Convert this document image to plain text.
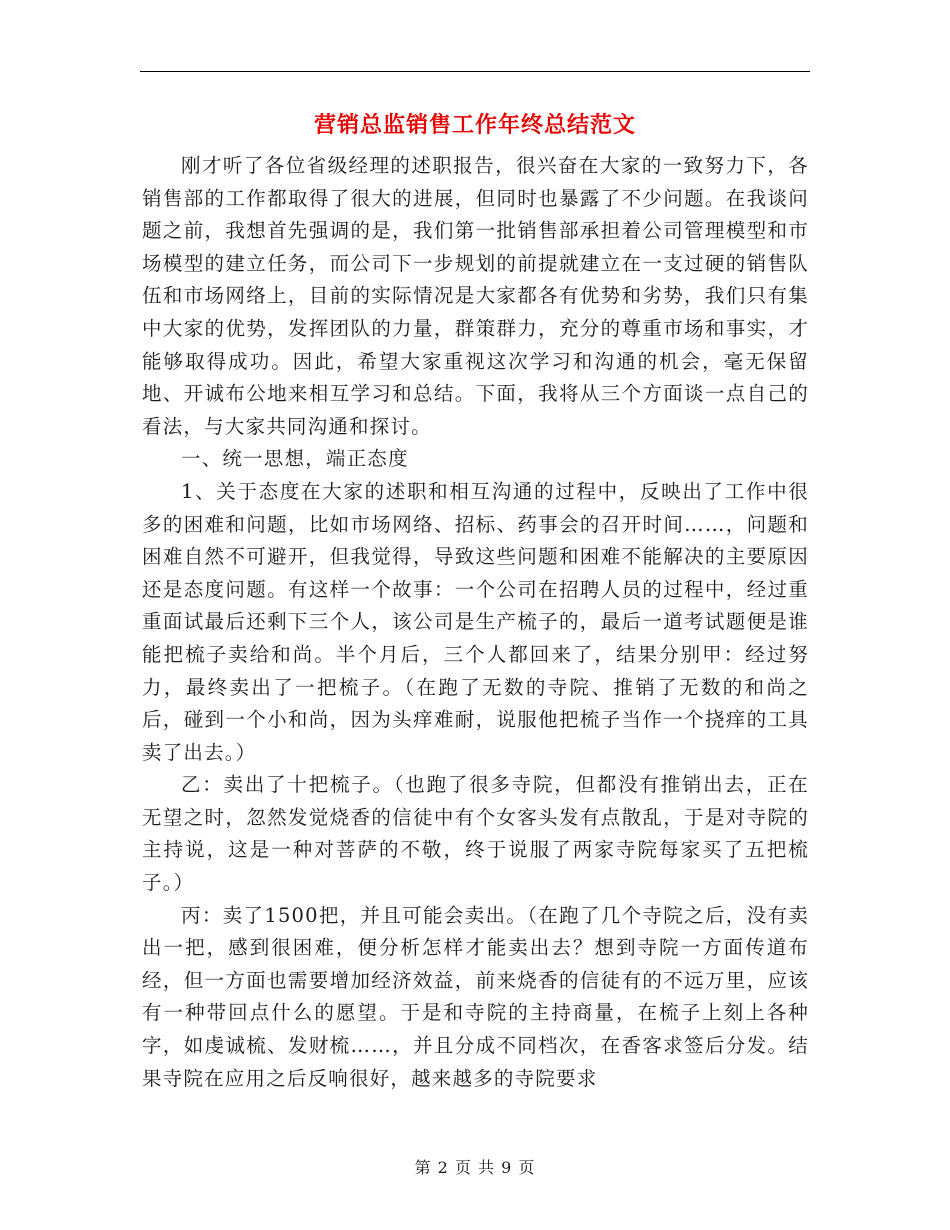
营销总监销售工作年终总结范文

刚才听了各位省级经理的述职报告，很兴奋在大家的一致努力下，各销售部的工作都取得了很大的进展，但同时也暴露了不少问题。在我谈问题之前，我想首先强调的是，我们第一批销售部承担着公司管理模型和市场模型的建立任务，而公司下一步规划的前提就建立在一支过硬的销售队伍和市场网络上，目前的实际情况是大家都各有优势和劣势，我们只有集中大家的优势，发挥团队的力量，群策群力，充分的尊重市场和事实，才能够取得成功。因此，希望大家重视这次学习和沟通的机会，毫无保留地、开诚布公地来相互学习和总结。下面，我将从三个方面谈一点自己的看法，与大家共同沟通和探讨。

一、统一思想，端正态度

1、关于态度在大家的述职和相互沟通的过程中，反映出了工作中很多的困难和问题，比如市场网络、招标、药事会的召开时间……，问题和困难自然不可避开，但我觉得，导致这些问题和困难不能解决的主要原因还是态度问题。有这样一个故事：一个公司在招聘人员的过程中，经过重重面试最后还剩下三个人，该公司是生产梳子的，最后一道考试题便是谁能把梳子卖给和尚。半个月后，三个人都回来了，结果分别甲：经过努力，最终卖出了一把梳子。（在跑了无数的寺院、推销了无数的和尚之后，碰到一个小和尚，因为头痒难耐，说服他把梳子当作一个挠痒的工具卖了出去。）

乙：卖出了十把梳子。（也跑了很多寺院，但都没有推销出去，正在无望之时，忽然发觉烧香的信徒中有个女客头发有点散乱，于是对寺院的主持说，这是一种对菩萨的不敬，终于说服了两家寺院每家买了五把梳子。）

丙：卖了1500把，并且可能会卖出。（在跑了几个寺院之后，没有卖出一把，感到很困难，便分析怎样才能卖出去？想到寺院一方面传道布经，但一方面也需要增加经济效益，前来烧香的信徒有的不远万里，应该有一种带回点什么的愿望。于是和寺院的主持商量，在梳子上刻上各种字，如虔诚梳、发财梳……，并且分成不同档次，在香客求签后分发。结果寺院在应用之后反响很好，越来越多的寺院要求

第 2 页 共 9 页
